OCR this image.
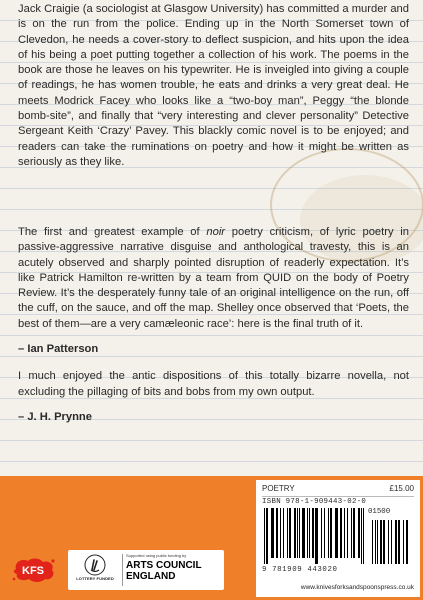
Jack Craigie (a sociologist at Glasgow University) has committed a murder and is on the run from the police. Ending up in the North Somerset town of Clevedon, he needs a cover-story to deflect suspicion, and hits upon the idea of his being a poet putting together a collection of his work. The poems in the book are those he leaves on his typewriter. He is inveigled into giving a couple of readings, he has women trouble, he eats and drinks a very great deal. He meets Modrick Facey who looks like a “two-boy man”, Peggy “the blonde bomb-site”, and finally that “very interesting and clever personality” Detective Sergeant Keith ‘Crazy’ Pavey. This blackly comic novel is to be enjoyed; and readers can take the ruminations on poetry and how it might be written as seriously as they like.

The first and greatest example of noir poetry criticism, of lyric poetry in passive-aggressive narrative disguise and anthological travesty, this is an acutely observed and sharply pointed disruption of readerly expectation. It’s like Patrick Hamilton re-written by a team from QUID on the body of Poetry Review. It’s the desperately funny tale of an original intelligence on the run, off the cuff, on the sauce, and off the map. Shelley once observed that ‘Poets, the best of them—are a very camæleonic race’: here is the final truth of it.

– Ian Patterson

I much enjoyed the antic dispositions of this totally bizarre novella, not excluding the pillaging of bits and bobs from my own output.

– J. H. Prynne
KFS
LOTTERY FUNDED
Supported using public funding by
ARTS COUNCIL
ENGLAND
POETRY	£15.00
ISBN 978-1-909443-02-0
01500
9 781909 443020
www.knivesforksandspoonspress.co.uk
